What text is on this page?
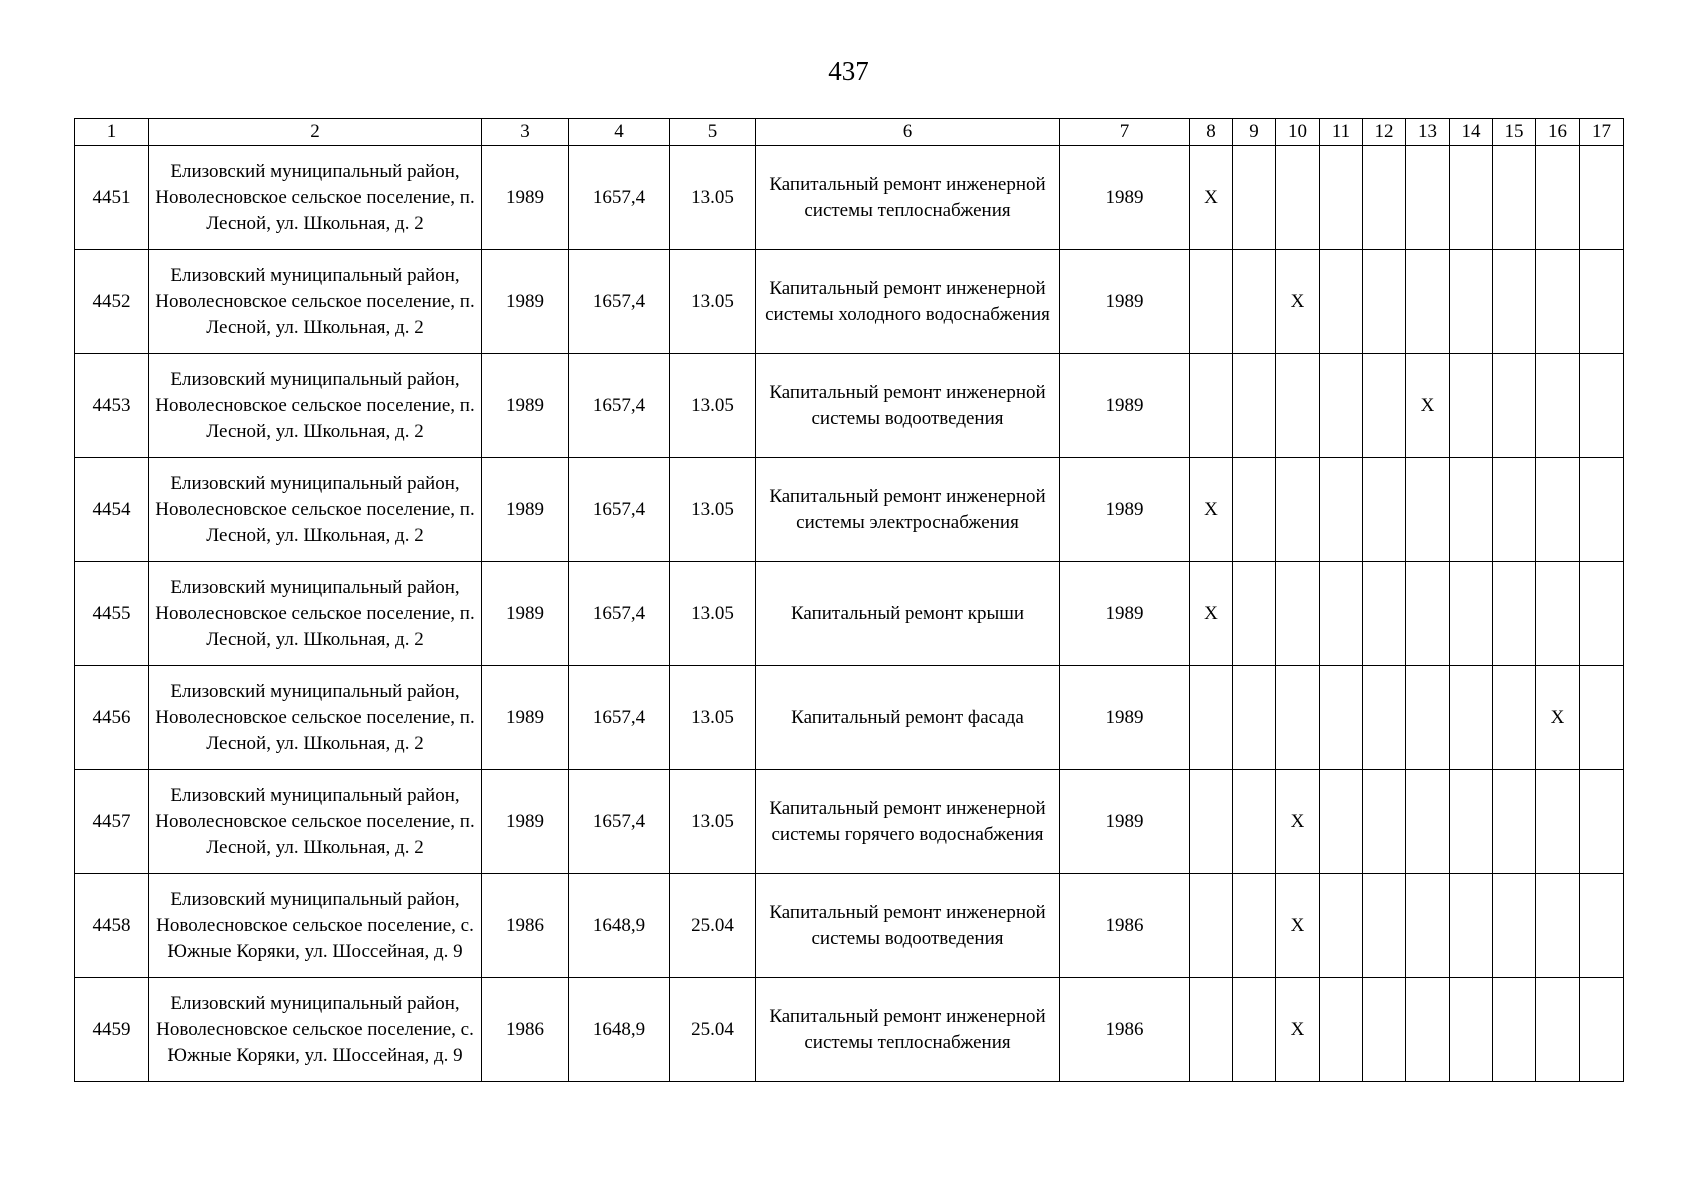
437
1	2	3	4	5	6	7	8	9	10	11	12	13	14	15	16	17
4451	Елизовский муниципальный район, Новолесновское сельское поселение, п. Лесной, ул. Школьная, д. 2	1989	1657,4	13.05	Капитальный ремонт инженерной системы теплоснабжения	1989	X									
4452	Елизовский муниципальный район, Новолесновское сельское поселение, п. Лесной, ул. Школьная, д. 2	1989	1657,4	13.05	Капитальный ремонт инженерной системы холодного водоснабжения	1989			X							
4453	Елизовский муниципальный район, Новолесновское сельское поселение, п. Лесной, ул. Школьная, д. 2	1989	1657,4	13.05	Капитальный ремонт инженерной системы водоотведения	1989						X				
4454	Елизовский муниципальный район, Новолесновское сельское поселение, п. Лесной, ул. Школьная, д. 2	1989	1657,4	13.05	Капитальный ремонт инженерной системы электроснабжения	1989	X									
4455	Елизовский муниципальный район, Новолесновское сельское поселение, п. Лесной, ул. Школьная, д. 2	1989	1657,4	13.05	Капитальный ремонт крыши	1989	X									
4456	Елизовский муниципальный район, Новолесновское сельское поселение, п. Лесной, ул. Школьная, д. 2	1989	1657,4	13.05	Капитальный ремонт фасада	1989									X	
4457	Елизовский муниципальный район, Новолесновское сельское поселение, п. Лесной, ул. Школьная, д. 2	1989	1657,4	13.05	Капитальный ремонт инженерной системы горячего водоснабжения	1989			X							
4458	Елизовский муниципальный район, Новолесновское сельское поселение, с. Южные Коряки, ул. Шоссейная, д. 9	1986	1648,9	25.04	Капитальный ремонт инженерной системы водоотведения	1986			X							
4459	Елизовский муниципальный район, Новолесновское сельское поселение, с. Южные Коряки, ул. Шоссейная, д. 9	1986	1648,9	25.04	Капитальный ремонт инженерной системы теплоснабжения	1986			X							
